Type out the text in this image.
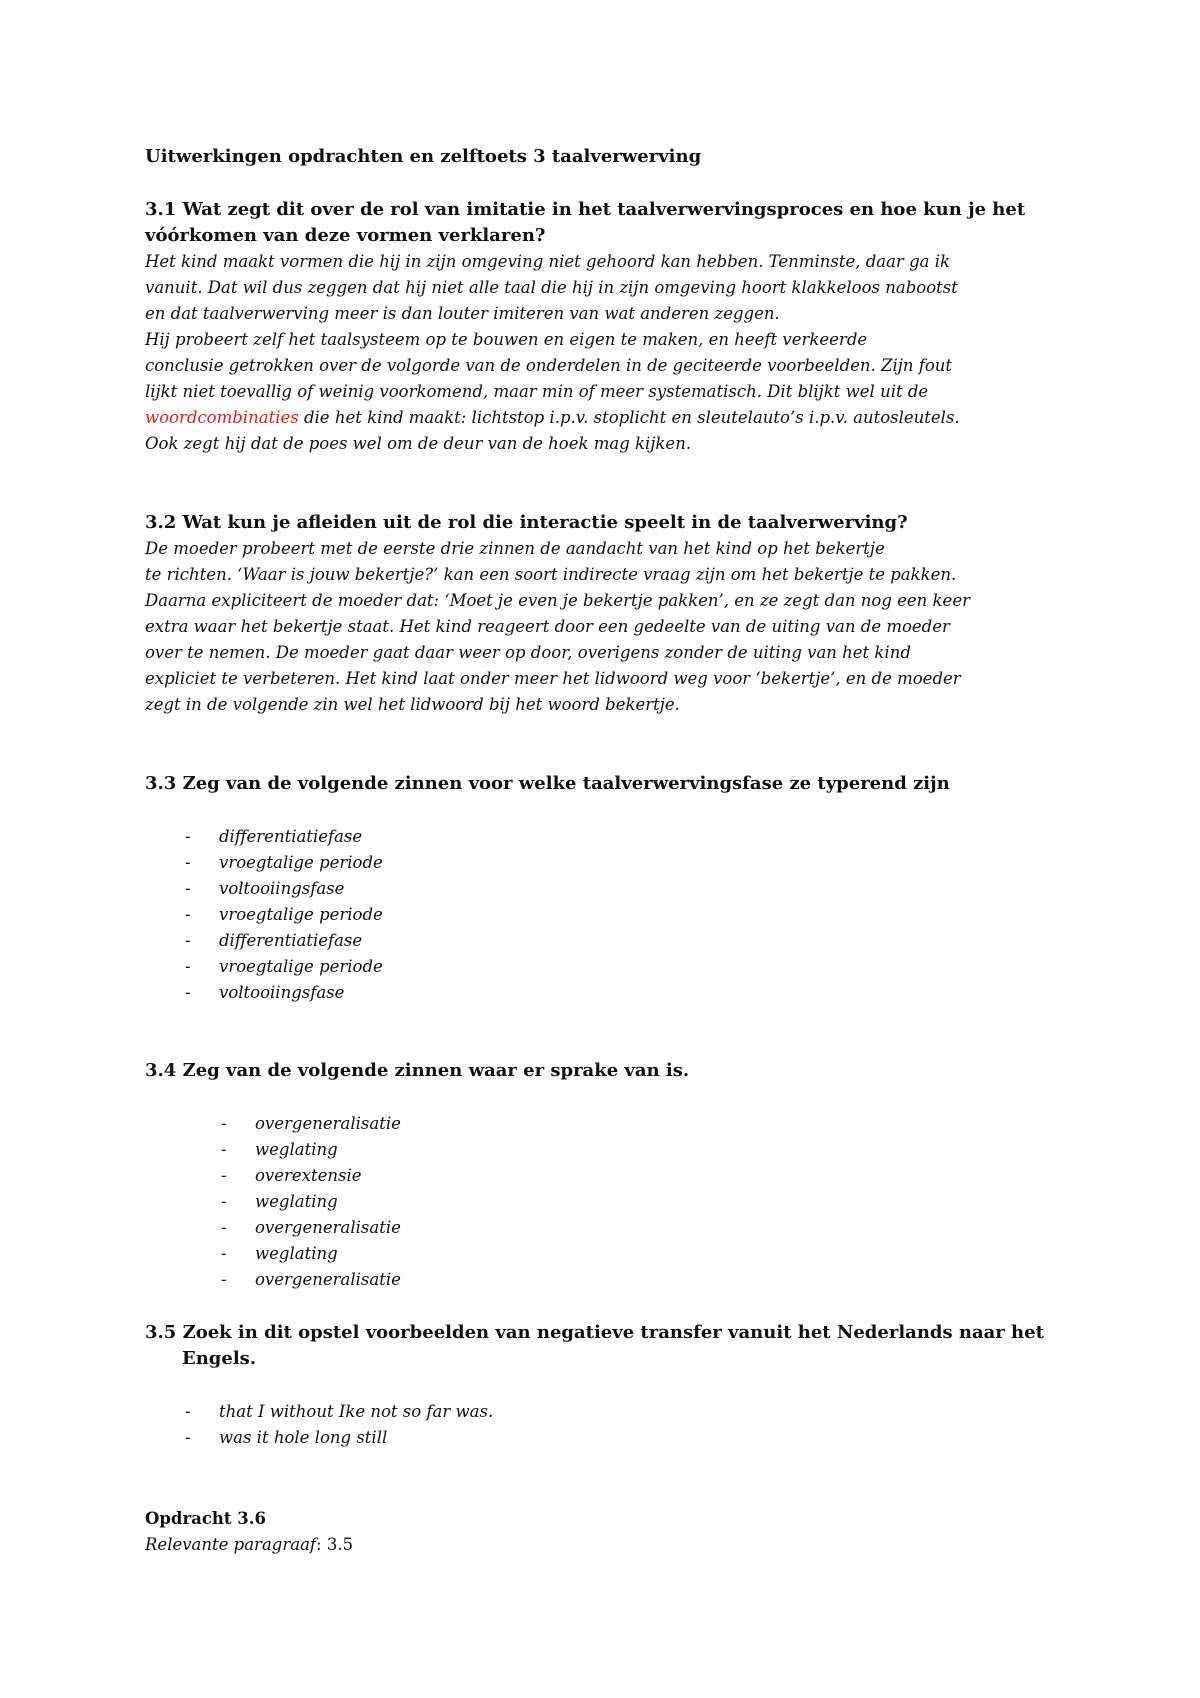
Uitwerkingen opdrachten en zelftoets 3 taalverwerving

3.1 Wat zegt dit over de rol van imitatie in het taalverwervingsproces en hoe kun je het vóórkomen van deze vormen verklaren?

Het kind maakt vormen die hij in zijn omgeving niet gehoord kan hebben. Tenminste, daar ga ik

vanuit. Dat wil dus zeggen dat hij niet alle taal die hij in zijn omgeving hoort klakkeloos nabootst

en dat taalverwerving meer is dan louter imiteren van wat anderen zeggen.

Hij probeert zelf het taalsysteem op te bouwen en eigen te maken, en heeft verkeerde

conclusie getrokken over de volgorde van de onderdelen in de geciteerde voorbeelden. Zijn fout

lijkt niet toevallig of weinig voorkomend, maar min of meer systematisch. Dit blijkt wel uit de

woordcombinaties die het kind maakt: lichtstop i.p.v. stoplicht en sleutelauto’s i.p.v. autosleutels.

Ook zegt hij dat de poes wel om de deur van de hoek mag kijken.

3.2 Wat kun je afleiden uit de rol die interactie speelt in de taalverwerving?

De moeder probeert met de eerste drie zinnen de aandacht van het kind op het bekertje

te richten. ‘Waar is jouw bekertje?’ kan een soort indirecte vraag zijn om het bekertje te pakken.

Daarna expliciteert de moeder dat: ‘Moet je even je bekertje pakken’, en ze zegt dan nog een keer

extra waar het bekertje staat. Het kind reageert door een gedeelte van de uiting van de moeder

over te nemen. De moeder gaat daar weer op door, overigens zonder de uiting van het kind

expliciet te verbeteren. Het kind laat onder meer het lidwoord weg voor ‘bekertje’, en de moeder

zegt in de volgende zin wel het lidwoord bij het woord bekertje.

3.3 Zeg van de volgende zinnen voor welke taalverwervingsfase ze typerend zijn

- differentiatiefase
- vroegtalige periode
- voltooiingsfase
- vroegtalige periode
- differentiatiefase
- vroegtalige periode
- voltooiingsfase

3.4 Zeg van de volgende zinnen waar er sprake van is.

- overgeneralisatie
- weglating
- overextensie
- weglating
- overgeneralisatie
- weglating
- overgeneralisatie

3.5 Zoek in dit opstel voorbeelden van negatieve transfer vanuit het Nederlands naar het Engels.

- that I without Ike not so far was.
- was it hole long still

Opdracht 3.6

Relevante paragraaf: 3.5
